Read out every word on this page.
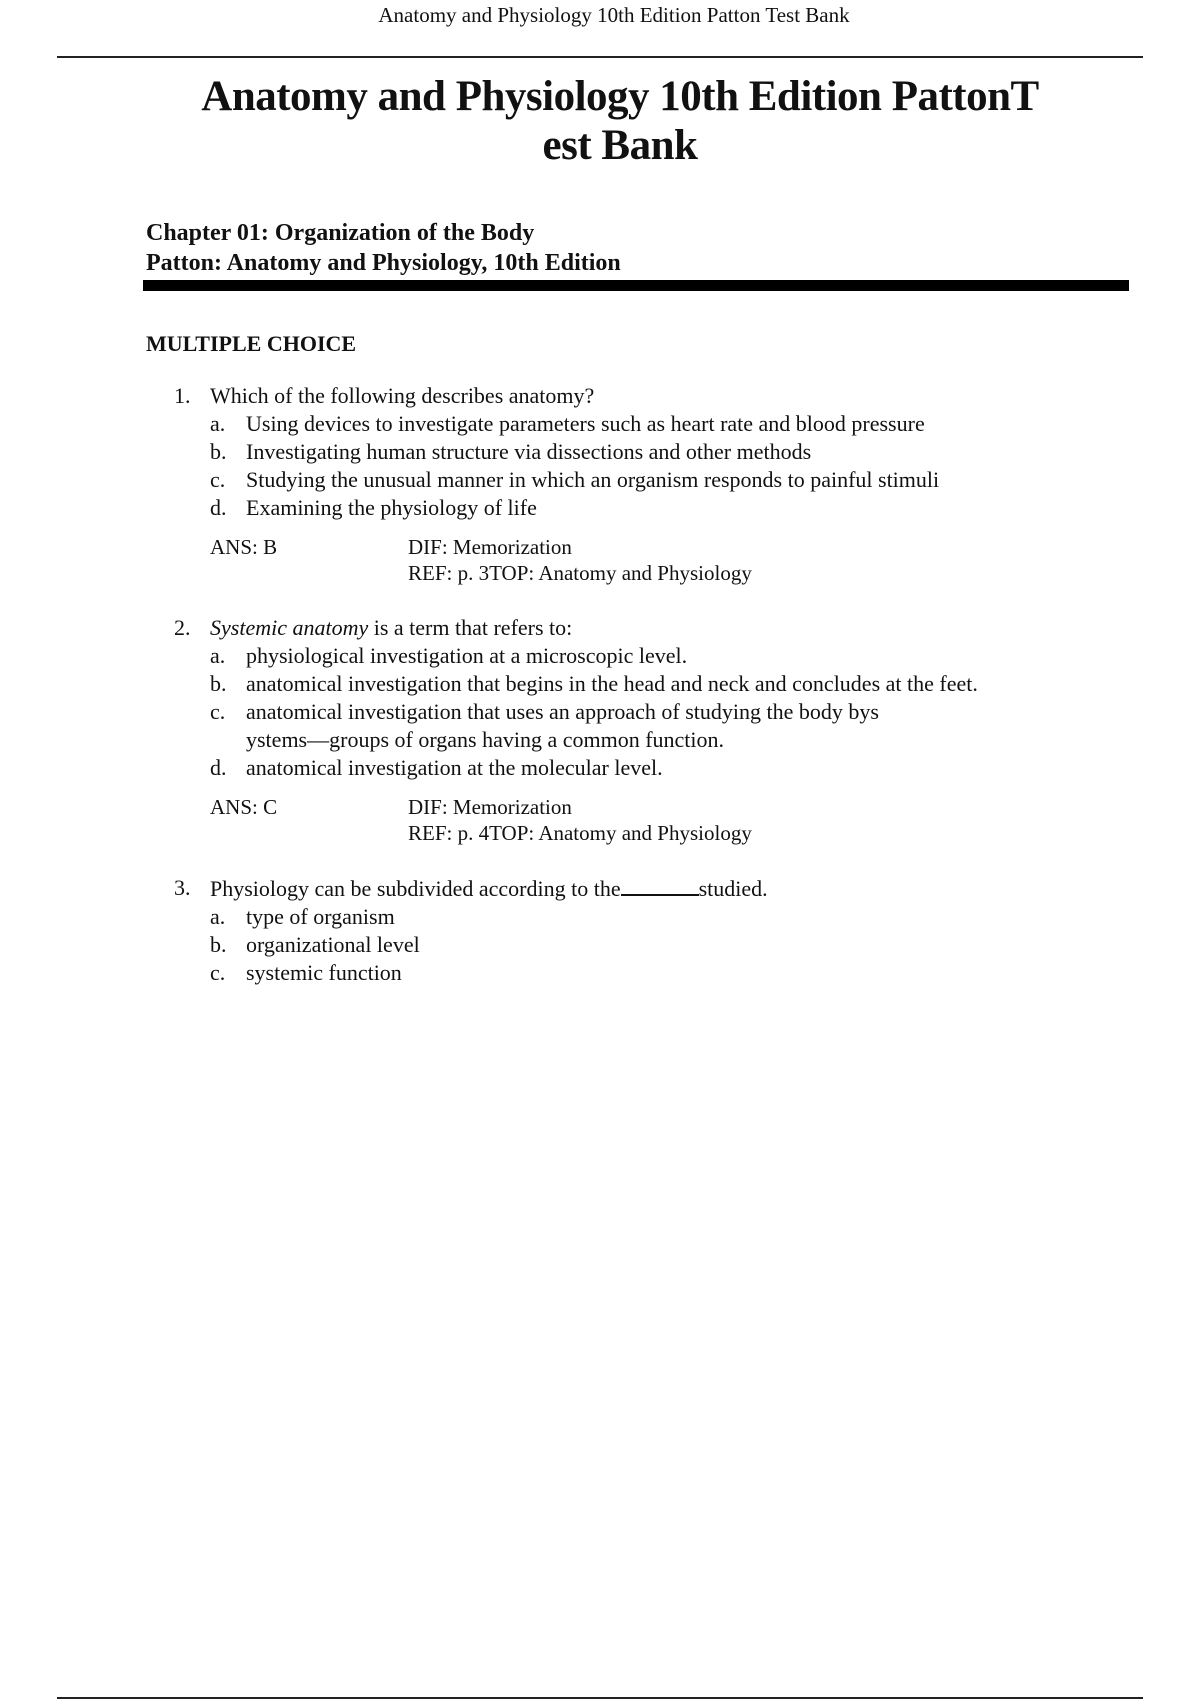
Anatomy and Physiology 10th Edition Patton Test Bank
Anatomy and Physiology 10th Edition PattonT
est Bank
Chapter 01: Organization of the Body
Patton: Anatomy and Physiology, 10th Edition
MULTIPLE CHOICE
1. Which of the following describes anatomy?
a. Using devices to investigate parameters such as heart rate and blood pressure
b. Investigating human structure via dissections and other methods
c. Studying the unusual manner in which an organism responds to painful stimuli
d. Examining the physiology of life
ANS: B	DIF: Memorization
REF: p. 3TOP: Anatomy and Physiology
2. Systemic anatomy is a term that refers to:
a. physiological investigation at a microscopic level.
b. anatomical investigation that begins in the head and neck and concludes at the feet.
c. anatomical investigation that uses an approach of studying the body bys
ystems—groups of organs having a common function.
d. anatomical investigation at the molecular level.
ANS: C	DIF: Memorization
REF: p. 4TOP: Anatomy and Physiology
3. Physiology can be subdivided according to the	studied.
a. type of organism
b. organizational level
c. systemic function
